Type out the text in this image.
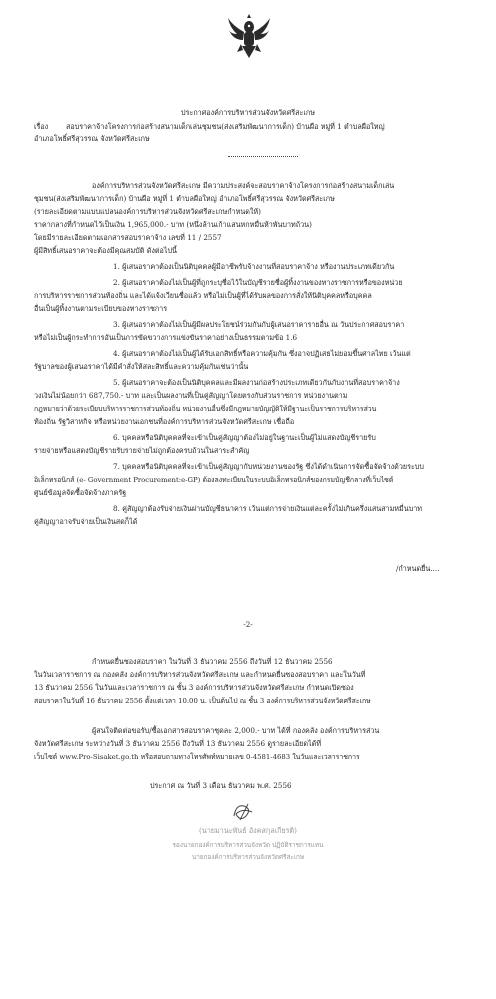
ประกาศองค์การบริหารส่วนจังหวัดศรีสะเกษ
เรื่อง สอบราคาจ้างโครงการก่อสร้างสนามเด็กเล่นชุมชน(ส่งเสริมพัฒนาการเด็ก) บ้านผือ หมู่ที่ 1 ตำบลผือใหญ่
อำเภอโพธิ์ศรีสุวรรณ จังหวัดศรีสะเกษ
องค์การบริหารส่วนจังหวัดศรีสะเกษ มีความประสงค์จะสอบราคาจ้างโครงการก่อสร้างสนามเด็กเล่น
ชุมชน(ส่งเสริมพัฒนาการเด็ก) บ้านผือ หมู่ที่ 1 ตำบลผือใหญ่ อำเภอโพธิ์ศรีสุวรรณ จังหวัดศรีสะเกษ
(รายละเอียดตามแบบแปลนองค์การบริหารส่วนจังหวัดศรีสะเกษกำหนดให้)
ราคากลางที่กำหนดไว้เป็นเงิน 1,965,000.- บาท (หนึ่งล้านเก้าแสนหกหมื่นห้าพันบาทถ้วน)
โดยมีรายละเอียดตามเอกสารสอบราคาจ้าง เลขที่ 11 / 2557
ผู้มีสิทธิ์เสนอราคาจะต้องมีคุณสมบัติ ดังต่อไปนี้
1. ผู้เสนอราคาต้องเป็นนิติบุคคลผู้มีอาชีพรับจ้างงานที่สอบราคาจ้าง หรืองานประเภทเดียวกัน
2. ผู้เสนอราคาต้องไม่เป็นผู้ที่ถูกระบุชื่อไว้ในบัญชีรายชื่อผู้ทิ้งงานของทางราชการหรือของหน่วย
การบริหารราชการส่วนท้องถิ่น และได้แจ้งเวียนชื่อแล้ว หรือไม่เป็นผู้ที่ได้รับผลของการสั่งให้นิติบุคคลหรือบุคคล
อื่นเป็นผู้ทิ้งงานตามระเบียบของทางราชการ
3. ผู้เสนอราคาต้องไม่เป็นผู้มีผลประโยชน์ร่วมกันกับผู้เสนอราคารายอื่น ณ วันประกาศสอบราคา
หรือไม่เป็นผู้กระทำการอันเป็นการขัดขวางการแข่งขันราคาอย่างเป็นธรรมตามข้อ 1.6
4. ผู้เสนอราคาต้องไม่เป็นผู้ได้รับเอกสิทธิ์หรือความคุ้มกัน ซึ่งอาจปฏิเสธไม่ยอมขึ้นศาลไทย เว้นแต่
รัฐบาลของผู้เสนอราคาได้มีคำสั่งให้สละสิทธิ์และความคุ้มกันเช่นว่านั้น
5. ผู้เสนอราคาจะต้องเป็นนิติบุคคลและมีผลงานก่อสร้างประเภทเดียวกันกับงานที่สอบราคาจ้าง
วงเงินไม่น้อยกว่า 687,750.- บาท และเป็นผลงานที่เป็นคู่สัญญาโดยตรงกับส่วนราชการ หน่วยงานตาม
กฎหมายว่าด้วยระเบียบบริหารราชการส่วนท้องถิ่น หน่วยงานอื่นซึ่งมีกฎหมายบัญญัติให้มีฐานะเป็นราชการบริหารส่วน
ท้องถิ่น รัฐวิสาหกิจ หรือหน่วยงานเอกชนที่องค์การบริหารส่วนจังหวัดศรีสะเกษ เชื่อถือ
6. บุคคลหรือนิติบุคคลที่จะเข้าเป็นคู่สัญญาต้องไม่อยู่ในฐานะเป็นผู้ไม่แสดงบัญชีรายรับ
รายจ่ายหรือแสดงบัญชีรายรับรายจ่ายไม่ถูกต้องครบถ้วนในสาระสำคัญ
7. บุคคลหรือนิติบุคคลที่จะเข้าเป็นคู่สัญญากับหน่วยงานของรัฐ ซึ่งได้ดำเนินการจัดซื้อจัดจ้างด้วยระบบ
อิเล็กทรอนิกส์ (e- Government Procurement:e-GP) ต้องลงทะเบียนในระบบอิเล็กทรอนิกส์ของกรมบัญชีกลางที่เว็บไซต์
ศูนย์ข้อมูลจัดซื้อจัดจ้างภาครัฐ
8. คู่สัญญาต้องรับจ่ายเงินผ่านบัญชีธนาคาร เว้นแต่การจ่ายเงินแต่ละครั้งไม่เกินครึ่งแสนสามหมื่นบาท
คู่สัญญาอาจรับจ่ายเป็นเงินสดก็ได้
/กำหนดยื่น....
-2-
กำหนดยื่นซองสอบราคา ในวันที่ 3 ธันวาคม 2556 ถึงวันที่ 12 ธันวาคม 2556
ในวันเวลาราชการ ณ กองคลัง องค์การบริหารส่วนจังหวัดศรีสะเกษ และกำหนดยื่นซองสอบราคา และในวันที่
13 ธันวาคม 2556 ในวันและเวลาราชการ ณ ชั้น 3 องค์การบริหารส่วนจังหวัดศรีสะเกษ กำหนดเปิดซอง
สอบราคาในวันที่ 16 ธันวาคม 2556 ตั้งแต่เวลา 10.00 น. เป็นต้นไป ณ ชั้น 3 องค์การบริหารส่วนจังหวัดศรีสะเกษ
ผู้สนใจติดต่อขอรับ/ซื้อเอกสารสอบราคาชุดละ 2,000.- บาท ได้ที่ กองคลัง องค์การบริหารส่วน
จังหวัดศรีสะเกษ ระหว่างวันที่ 3 ธันวาคม 2556 ถึงวันที่ 13 ธันวาคม 2556 ดูรายละเอียดได้ที่
เว็บไซต์ www.Pro-Sisaket.go.th หรือสอบถามทางโทรศัพท์หมายเลข 0-4581-4683 ในวันและเวลาราชการ
ประกาศ ณ วันที่ 3 เดือน ธันวาคม พ.ศ. 2556
(นายมานะพันธ์ อังคสกุลเกียรติ)
รองนายกองค์การบริหารส่วนจังหวัด ปฏิบัติราชการแทน
นายกองค์การบริหารส่วนจังหวัดศรีสะเกษ
